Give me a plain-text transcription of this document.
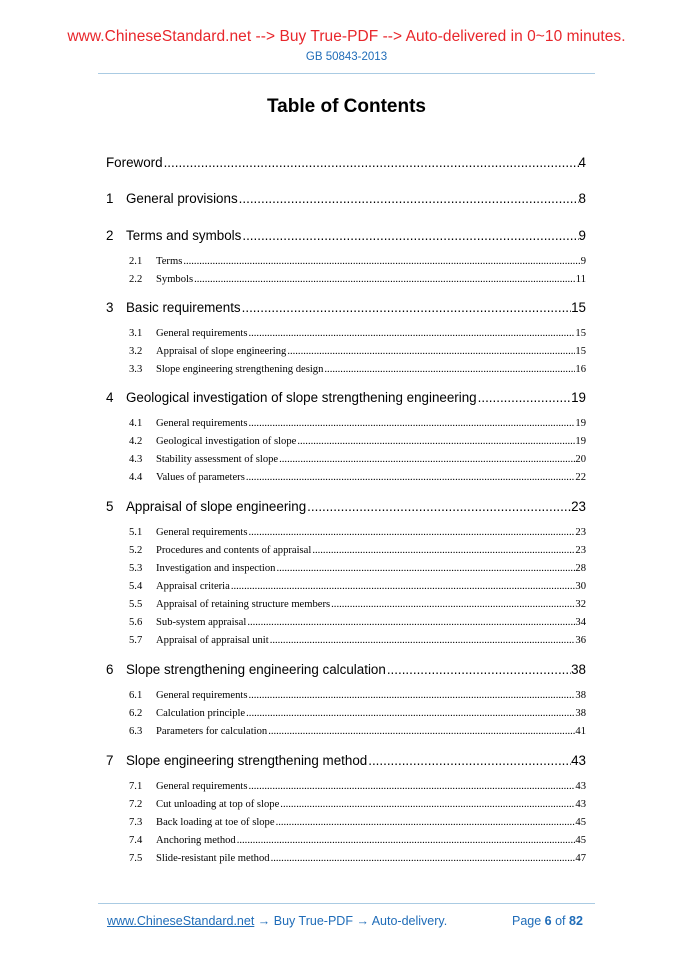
www.ChineseStandard.net --> Buy True-PDF --> Auto-delivered in 0~10 minutes.
GB 50843-2013
Table of Contents
Foreword .....	4
1 General provisions .....	8
2 Terms and symbols .....	9
2.1	Terms .....	9
2.2	Symbols .....	11
3 Basic requirements .....	15
3.1	General requirements .....	15
3.2	Appraisal of slope engineering .....	15
3.3	Slope engineering strengthening design .....	16
4 Geological investigation of slope strengthening engineering .....	19
4.1	General requirements .....	19
4.2	Geological investigation of slope .....	19
4.3	Stability assessment of slope .....	20
4.4	Values of parameters .....	22
5 Appraisal of slope engineering .....	23
5.1	General requirements .....	23
5.2	Procedures and contents of appraisal .....	23
5.3	Investigation and inspection .....	28
5.4	Appraisal criteria .....	30
5.5	Appraisal of retaining structure members .....	32
5.6	Sub-system appraisal .....	34
5.7	Appraisal of appraisal unit .....	36
6 Slope strengthening engineering calculation .....	38
6.1	General requirements .....	38
6.2	Calculation principle .....	38
6.3	Parameters for calculation .....	41
7 Slope engineering strengthening method .....	43
7.1	General requirements .....	43
7.2	Cut unloading at top of slope .....	43
7.3	Back loading at toe of slope .....	45
7.4	Anchoring method .....	45
7.5	Slide-resistant pile method .....	47
www.ChineseStandard.net → Buy True-PDF → Auto-delivery.	Page 6 of 82
